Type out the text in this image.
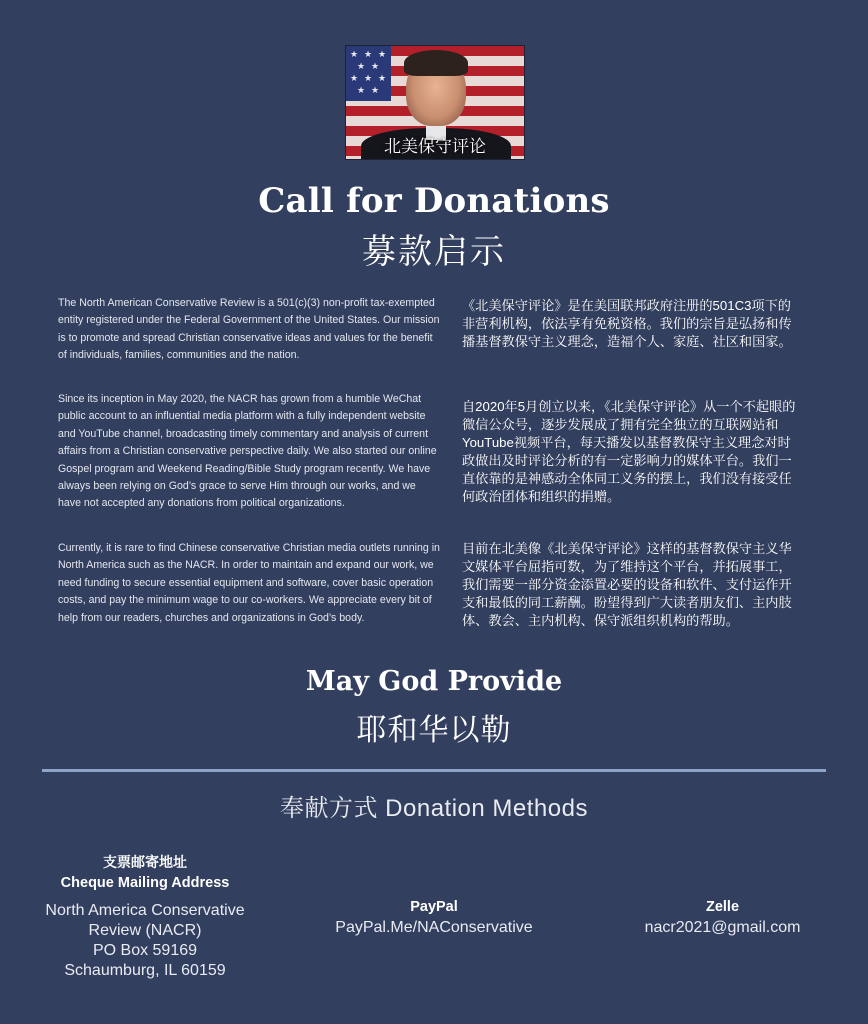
★ ★ ★
★ ★
★ ★ ★
★ ★
北美保守评论
Call for Donations
募款启示

The North American Conservative Review is a 501(c)(3) non-profit tax-exempted entity registered under the Federal Government of the United States. Our mission is to promote and spread Christian conservative ideas and values for the benefit of individuals, families, communities and the nation.

Since its inception in May 2020, the NACR has grown from a humble WeChat public account to an influential media platform with a fully independent website and YouTube channel, broadcasting timely commentary and analysis of current affairs from a Christian conservative perspective daily. We also started our online Gospel program and Weekend Reading/Bible Study program recently. We have always been relying on God’s grace to serve Him through our works, and we have not accepted any donations from political organizations.

Currently, it is rare to find Chinese conservative Christian media outlets running in North America such as the NACR. In order to maintain and expand our work, we need funding to secure essential equipment and software, cover basic operation costs, and pay the minimum wage to our co-workers. We appreciate every bit of help from our readers, churches and organizations in God’s body.

《北美保守评论》是在美国联邦政府注册的501C3项下的非营利机构，依法享有免税资格。我们的宗旨是弘扬和传播基督教保守主义理念，造福个人、家庭、社区和国家。

自2020年5月创立以来，《北美保守评论》从一个不起眼的微信公众号，逐步发展成了拥有完全独立的互联网站和YouTube视频平台，每天播发以基督教保守主义理念对时政做出及时评论分析的有一定影响力的媒体平台。我们一直依靠的是神感动全体同工义务的摆上，我们没有接受任何政治团体和组织的捐赠。

目前在北美像《北美保守评论》这样的基督教保守主义华文媒体平台屈指可数，为了维持这个平台，并拓展事工，我们需要一部分资金添置必要的设备和软件、支付运作开支和最低的同工薪酬。盼望得到广大读者朋友们、主内肢体、教会、主内机构、保守派组织机构的帮助。

May God Provide
耶和华以勒
奉献方式 Donation Methods
支票邮寄地址
Cheque Mailing Address
North America Conservative
Review (NACR)
PO Box 59169
Schaumburg, IL 60159
PayPal
PayPal.Me/NAConservative
Zelle
nacr2021@gmail.com
